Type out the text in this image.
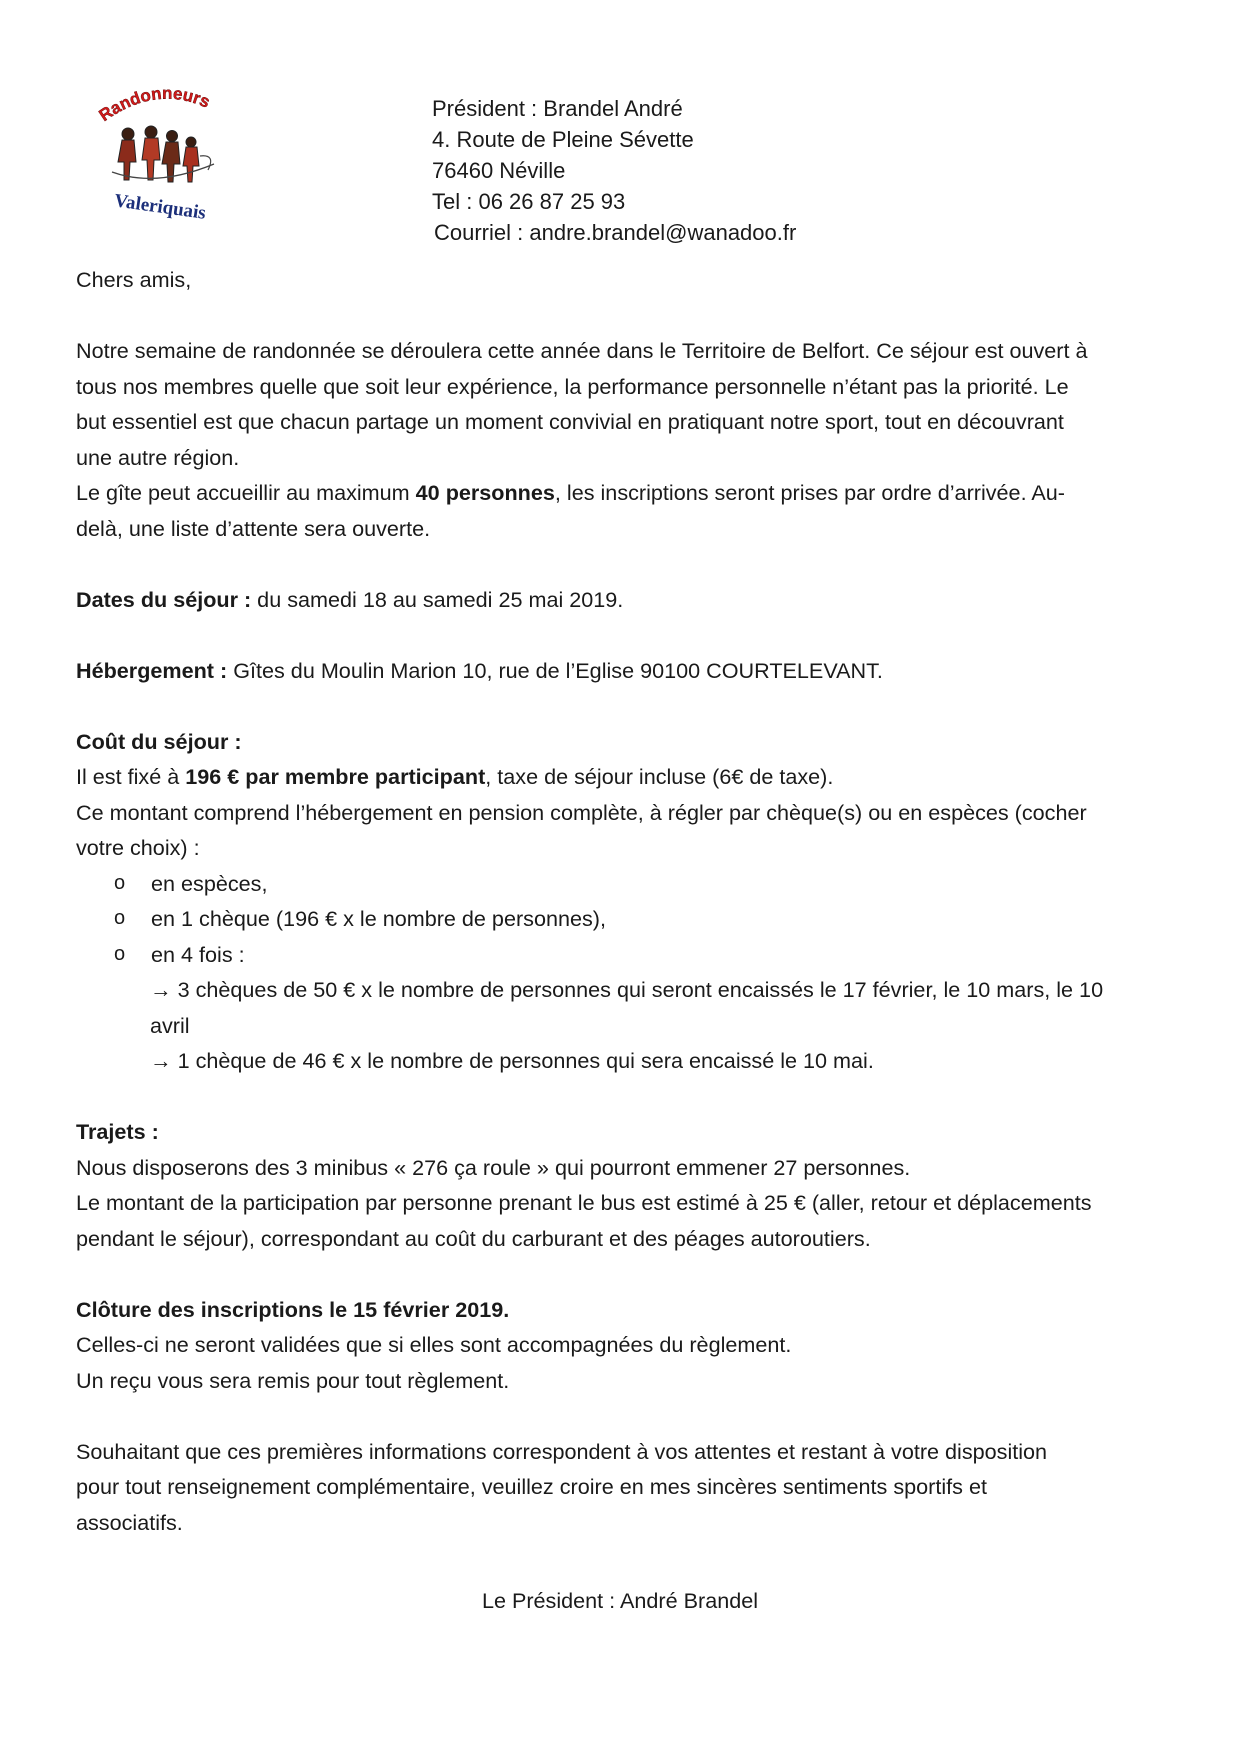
Randonneurs
Valeriquais
Président : Brandel André
4. Route de Pleine Sévette
76460 Néville
Tel : 06 26 87 25 93
Courriel : andre.brandel@wanadoo.fr

Chers amis,

Notre semaine de randonnée se déroulera cette année dans le Territoire de Belfort. Ce séjour est ouvert à

tous nos membres quelle que soit leur expérience, la performance personnelle n’étant pas la priorité. Le

but essentiel est que chacun partage un moment convivial en pratiquant notre sport, tout en découvrant

une autre région.

Le gîte peut accueillir au maximum 40 personnes, les inscriptions seront prises par ordre d’arrivée. Au-

delà, une liste d’attente sera ouverte.

Dates du séjour : du samedi 18 au samedi 25 mai 2019.

Hébergement : Gîtes du Moulin Marion 10, rue de l’Eglise 90100 COURTELEVANT.

Coût du séjour :

Il est fixé à 196 € par membre participant, taxe de séjour incluse (6€ de taxe).

Ce montant comprend l’hébergement en pension complète, à régler par chèque(s) ou en espèces (cocher

votre choix) :

o en espèces,

o en 1 chèque (196 € x le nombre de personnes),

o en 4 fois :

→ 3 chèques de 50 € x le nombre de personnes qui seront encaissés le 17 février, le 10 mars, le 10

avril

→ 1 chèque de 46 € x le nombre de personnes qui sera encaissé le 10 mai.

Trajets :

Nous disposerons des 3 minibus « 276 ça roule » qui pourront emmener 27 personnes.

Le montant de la participation par personne prenant le bus est estimé à 25 € (aller, retour et déplacements

pendant le séjour), correspondant au coût du carburant et des péages autoroutiers.

Clôture des inscriptions le 15 février 2019.

Celles-ci ne seront validées que si elles sont accompagnées du règlement.

Un reçu vous sera remis pour tout règlement.

Souhaitant que ces premières informations correspondent à vos attentes et restant à votre disposition

pour tout renseignement complémentaire, veuillez croire en mes sincères sentiments sportifs et

associatifs.

Le Président : André Brandel
